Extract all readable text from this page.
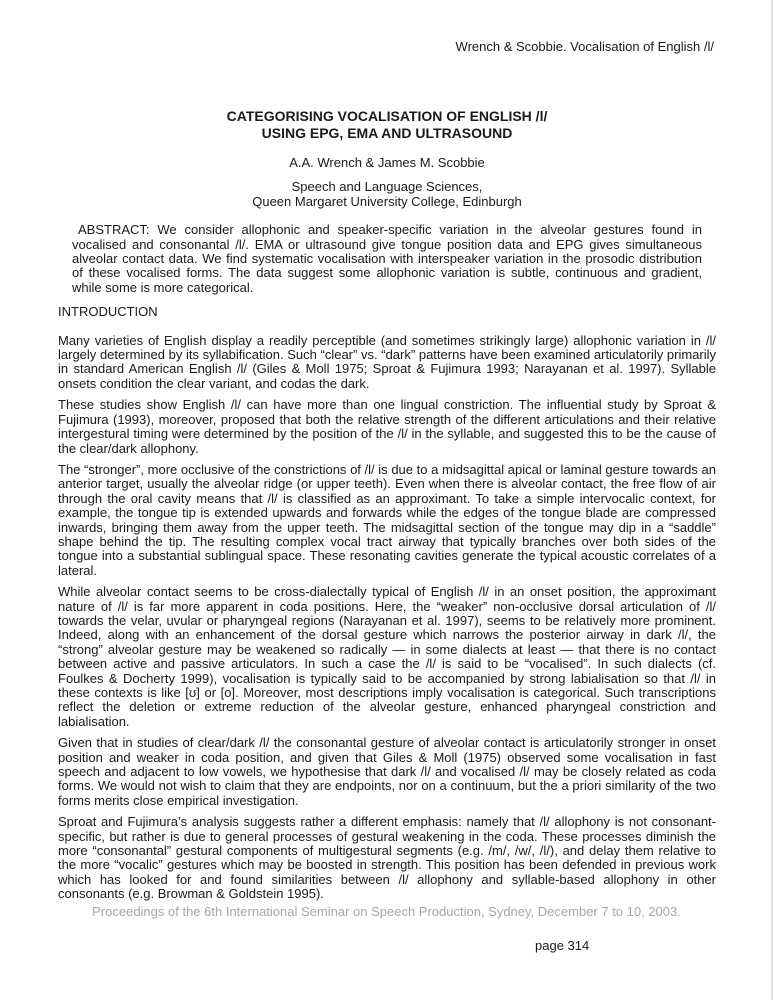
Wrench & Scobbie. Vocalisation of English /l/
CATEGORISING VOCALISATION OF ENGLISH /l/
USING EPG, EMA AND ULTRASOUND
A.A. Wrench & James M. Scobbie
Speech and Language Sciences,
Queen Margaret University College, Edinburgh

ABSTRACT: We consider allophonic and speaker-specific variation in the alveolar gestures found in vocalised and consonantal /l/. EMA or ultrasound give tongue position data and EPG gives simultaneous alveolar contact data. We find systematic vocalisation with interspeaker variation in the prosodic distribution of these vocalised forms. The data suggest some allophonic variation is subtle, continuous and gradient, while some is more categorical.

INTRODUCTION

Many varieties of English display a readily perceptible (and sometimes strikingly large) allophonic variation in /l/ largely determined by its syllabification. Such “clear” vs. “dark” patterns have been examined articulatorily primarily in standard American English /l/ (Giles & Moll 1975; Sproat & Fujimura 1993; Narayanan et al. 1997). Syllable onsets condition the clear variant, and codas the dark.

These studies show English /l/ can have more than one lingual constriction. The influential study by Sproat & Fujimura (1993), moreover, proposed that both the relative strength of the different articulations and their relative intergestural timing were determined by the position of the /l/ in the syllable, and suggested this to be the cause of the clear/dark allophony.

The “stronger”, more occlusive of the constrictions of /l/ is due to a midsagittal apical or laminal gesture towards an anterior target, usually the alveolar ridge (or upper teeth). Even when there is alveolar contact, the free flow of air through the oral cavity means that /l/ is classified as an approximant. To take a simple intervocalic context, for example, the tongue tip is extended upwards and forwards while the edges of the tongue blade are compressed inwards, bringing them away from the upper teeth. The midsagittal section of the tongue may dip in a “saddle” shape behind the tip. The resulting complex vocal tract airway that typically branches over both sides of the tongue into a substantial sublingual space. These resonating cavities generate the typical acoustic correlates of a lateral.

While alveolar contact seems to be cross-dialectally typical of English /l/ in an onset position, the approximant nature of /l/ is far more apparent in coda positions. Here, the “weaker” non-occlusive dorsal articulation of /l/ towards the velar, uvular or pharyngeal regions (Narayanan et al. 1997), seems to be relatively more prominent. Indeed, along with an enhancement of the dorsal gesture which narrows the posterior airway in dark /l/, the “strong” alveolar gesture may be weakened so radically — in some dialects at least — that there is no contact between active and passive articulators. In such a case the /l/ is said to be “vocalised”. In such dialects (cf. Foulkes & Docherty 1999), vocalisation is typically said to be accompanied by strong labialisation so that /l/ in these contexts is like [ʊ] or [o]. Moreover, most descriptions imply vocalisation is categorical. Such transcriptions reflect the deletion or extreme reduction of the alveolar gesture, enhanced pharyngeal constriction and labialisation.

Given that in studies of clear/dark /l/ the consonantal gesture of alveolar contact is articulatorily stronger in onset position and weaker in coda position, and given that Giles & Moll (1975) observed some vocalisation in fast speech and adjacent to low vowels, we hypothesise that dark /l/ and vocalised /l/ may be closely related as coda forms. We would not wish to claim that they are endpoints, nor on a continuum, but the a priori similarity of the two forms merits close empirical investigation.

Sproat and Fujimura’s analysis suggests rather a different emphasis: namely that /l/ allophony is not consonant-specific, but rather is due to general processes of gestural weakening in the coda. These processes diminish the more “consonantal” gestural components of multigestural segments (e.g. /m/, /w/, /l/), and delay them relative to the more “vocalic” gestures which may be boosted in strength. This position has been defended in previous work which has looked for and found similarities between /l/ allophony and syllable-based allophony in other consonants (e.g. Browman & Goldstein 1995).

Proceedings of the 6th International Seminar on Speech Production, Sydney, December 7 to 10, 2003.
page 314
